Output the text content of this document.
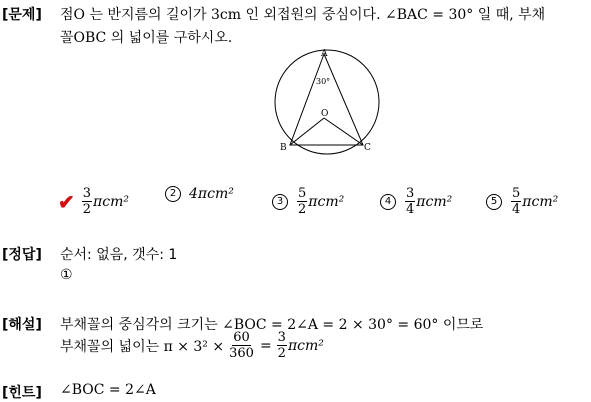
[문제] 점O 는 반지름의 길이가 3cm 인 외접원의 중심이다. ∠BAC = 30° 일 때, 부채
꼴OBC 의 넓이를 구하시오.
A
B	C
O
30°
✔ $\frac{3}{2} \pi cm^2$	2 4πcm²	3	$\frac{5}{2} \pi cm^2$	4	$\frac{3}{4} \pi cm^2$	5	$\frac{5}{4} \pi cm^2$
[정답] 순서: 없음, 갯수: 1
①
[해설] 부채꼴의 중심각의 크기는 ∠BOC = 2∠A = 2 × 30° = 60° 이므로
부채꼴의 넓이는 $\pi \times 3^2 \times \frac{60}{360} = \frac{3}{2} \pi cm^2$
[힌트] ∠BOC = 2∠A
